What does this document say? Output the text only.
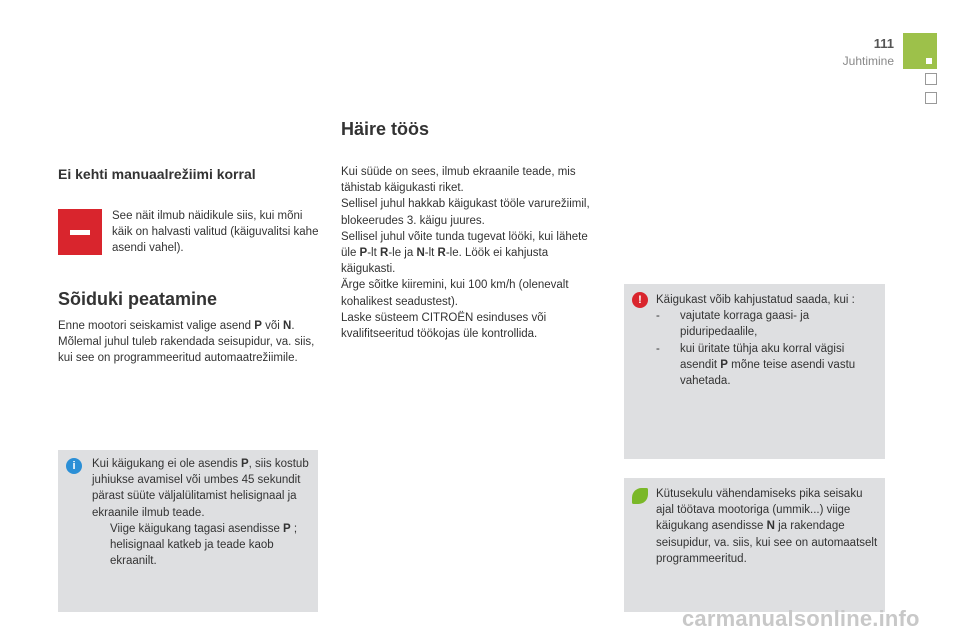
111
Juhtimine
Ei kehti manuaalrežiimi korral
See näit ilmub näidikule siis, kui mõni käik on halvasti valitud (käiguvalitsi kahe asendi vahel).
Sõiduki peatamine
Enne mootori seiskamist valige asend P või N. Mõlemal juhul tuleb rakendada seisupidur, va. siis, kui see on programmeeritud automaatrežiimile.
i	Kui käigukang ei ole asendis P, siis kostub juhiukse avamisel või umbes 45 sekundit pärast süüte väljalülitamist helisignaal ja ekraanile ilmub teade.
Viige käigukang tagasi asendisse P ; helisignaal katkeb ja teade kaob ekraanilt.
Häire töös
Kui süüde on sees, ilmub ekraanile teade, mis tähistab käigukasti riket.
Sellisel juhul hakkab käigukast tööle varurežiimil, blokeerudes 3. käigu juures.
Sellisel juhul võite tunda tugevat lööki, kui lähete üle P-lt R-le ja N-lt R-le. Löök ei kahjusta käigukasti.
Ärge sõitke kiiremini, kui 100 km/h (olenevalt kohalikest seadustest).
Laske süsteem CITROËN esinduses või kvalifitseeritud töökojas üle kontrollida.
!	Käigukast võib kahjustatud saada, kui :
- vajutate korraga gaasi- ja piduripedaalile,
- kui üritate tühja aku korral vägisi asendit P mõne teise asendi vastu vahetada.
Kütusekulu vähendamiseks pika seisaku ajal töötava mootoriga (ummik...) viige käigukang asendisse N ja rakendage seisupidur, va. siis, kui see on automaatselt programmeeritud.
carmanualsonline.info
